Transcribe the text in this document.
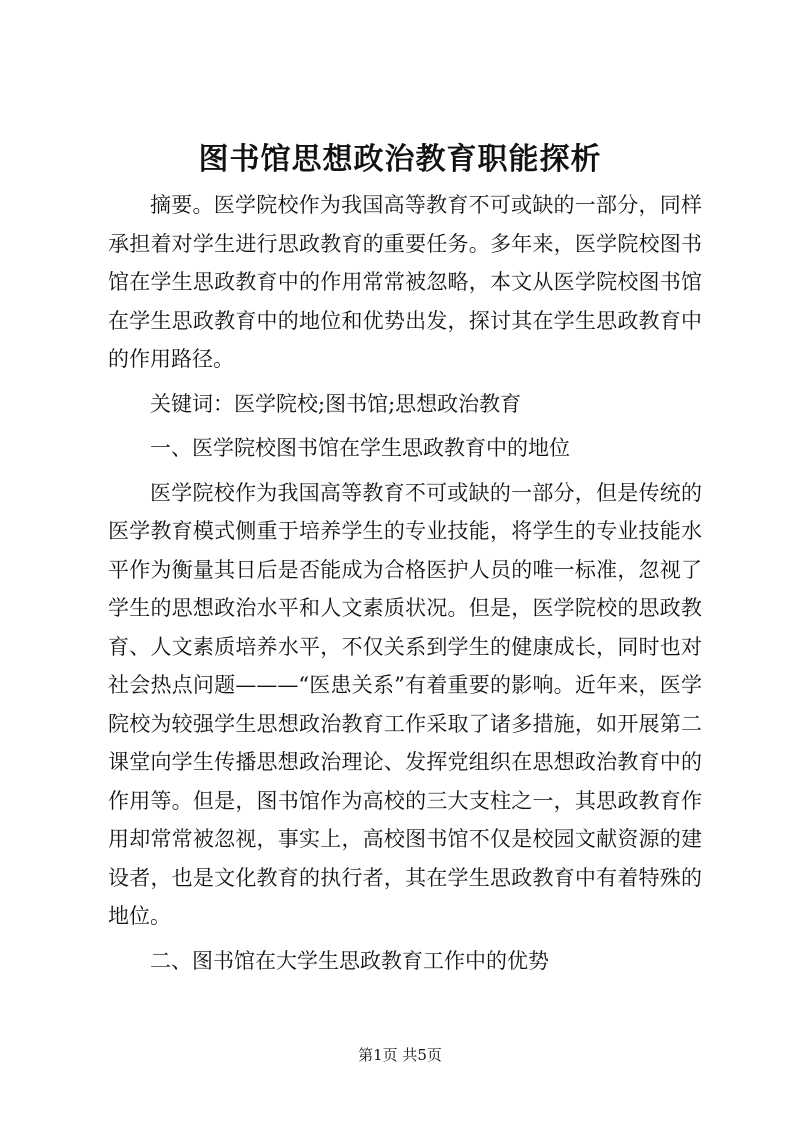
图书馆思想政治教育职能探析

摘要。医学院校作为我国高等教育不可或缺的一部分，同样承担着对学生进行思政教育的重要任务。多年来，医学院校图书馆在学生思政教育中的作用常常被忽略，本文从医学院校图书馆在学生思政教育中的地位和优势出发，探讨其在学生思政教育中的作用路径。

关键词：医学院校;图书馆;思想政治教育

一、医学院校图书馆在学生思政教育中的地位

医学院校作为我国高等教育不可或缺的一部分，但是传统的医学教育模式侧重于培养学生的专业技能，将学生的专业技能水平作为衡量其日后是否能成为合格医护人员的唯一标准，忽视了学生的思想政治水平和人文素质状况。但是，医学院校的思政教育、人文素质培养水平，不仅关系到学生的健康成长，同时也对社会热点问题———“医患关系”有着重要的影响。近年来，医学院校为较强学生思想政治教育工作采取了诸多措施，如开展第二课堂向学生传播思想政治理论、发挥党组织在思想政治教育中的作用等。但是，图书馆作为高校的三大支柱之一，其思政教育作用却常常被忽视，事实上，高校图书馆不仅是校园文献资源的建设者，也是文化教育的执行者，其在学生思政教育中有着特殊的地位。

二、图书馆在大学生思政教育工作中的优势

第1页 共5页
